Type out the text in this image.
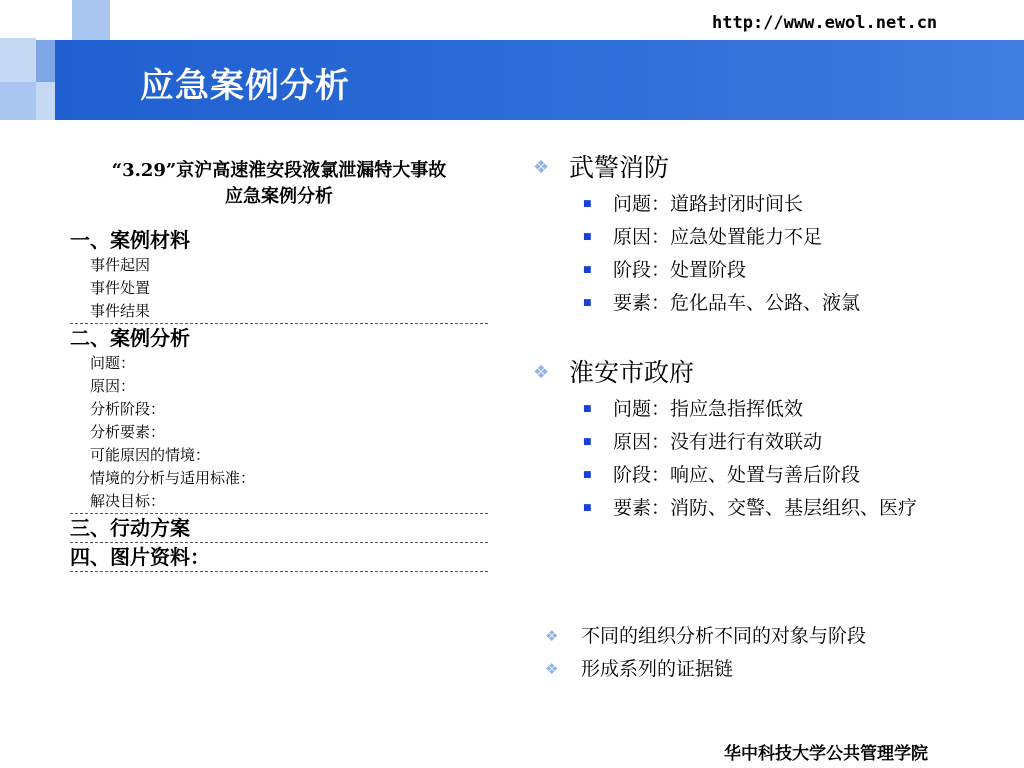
应急案例分析
http://www.ewol.net.cn
“3.29”京沪高速淮安段液氯泄漏特大事故
应急案例分析
一、案例材料
事件起因
事件处置
事件结果
二、案例分析
问题：
原因：
分析阶段：
分析要素：
可能原因的情境：
情境的分析与适用标准：
解决目标：
三、行动方案
四、图片资料：
❖ 武警消防
■	问题：道路封闭时间长
■	原因：应急处置能力不足
■	阶段：处置阶段
■	要素：危化品车、公路、液氯
❖ 淮安市政府
■	问题：指应急指挥低效
■	原因：没有进行有效联动
■	阶段：响应、处置与善后阶段
■	要素：消防、交警、基层组织、医疗
❖	不同的组织分析不同的对象与阶段
❖	形成系列的证据链
华中科技大学公共管理学院
